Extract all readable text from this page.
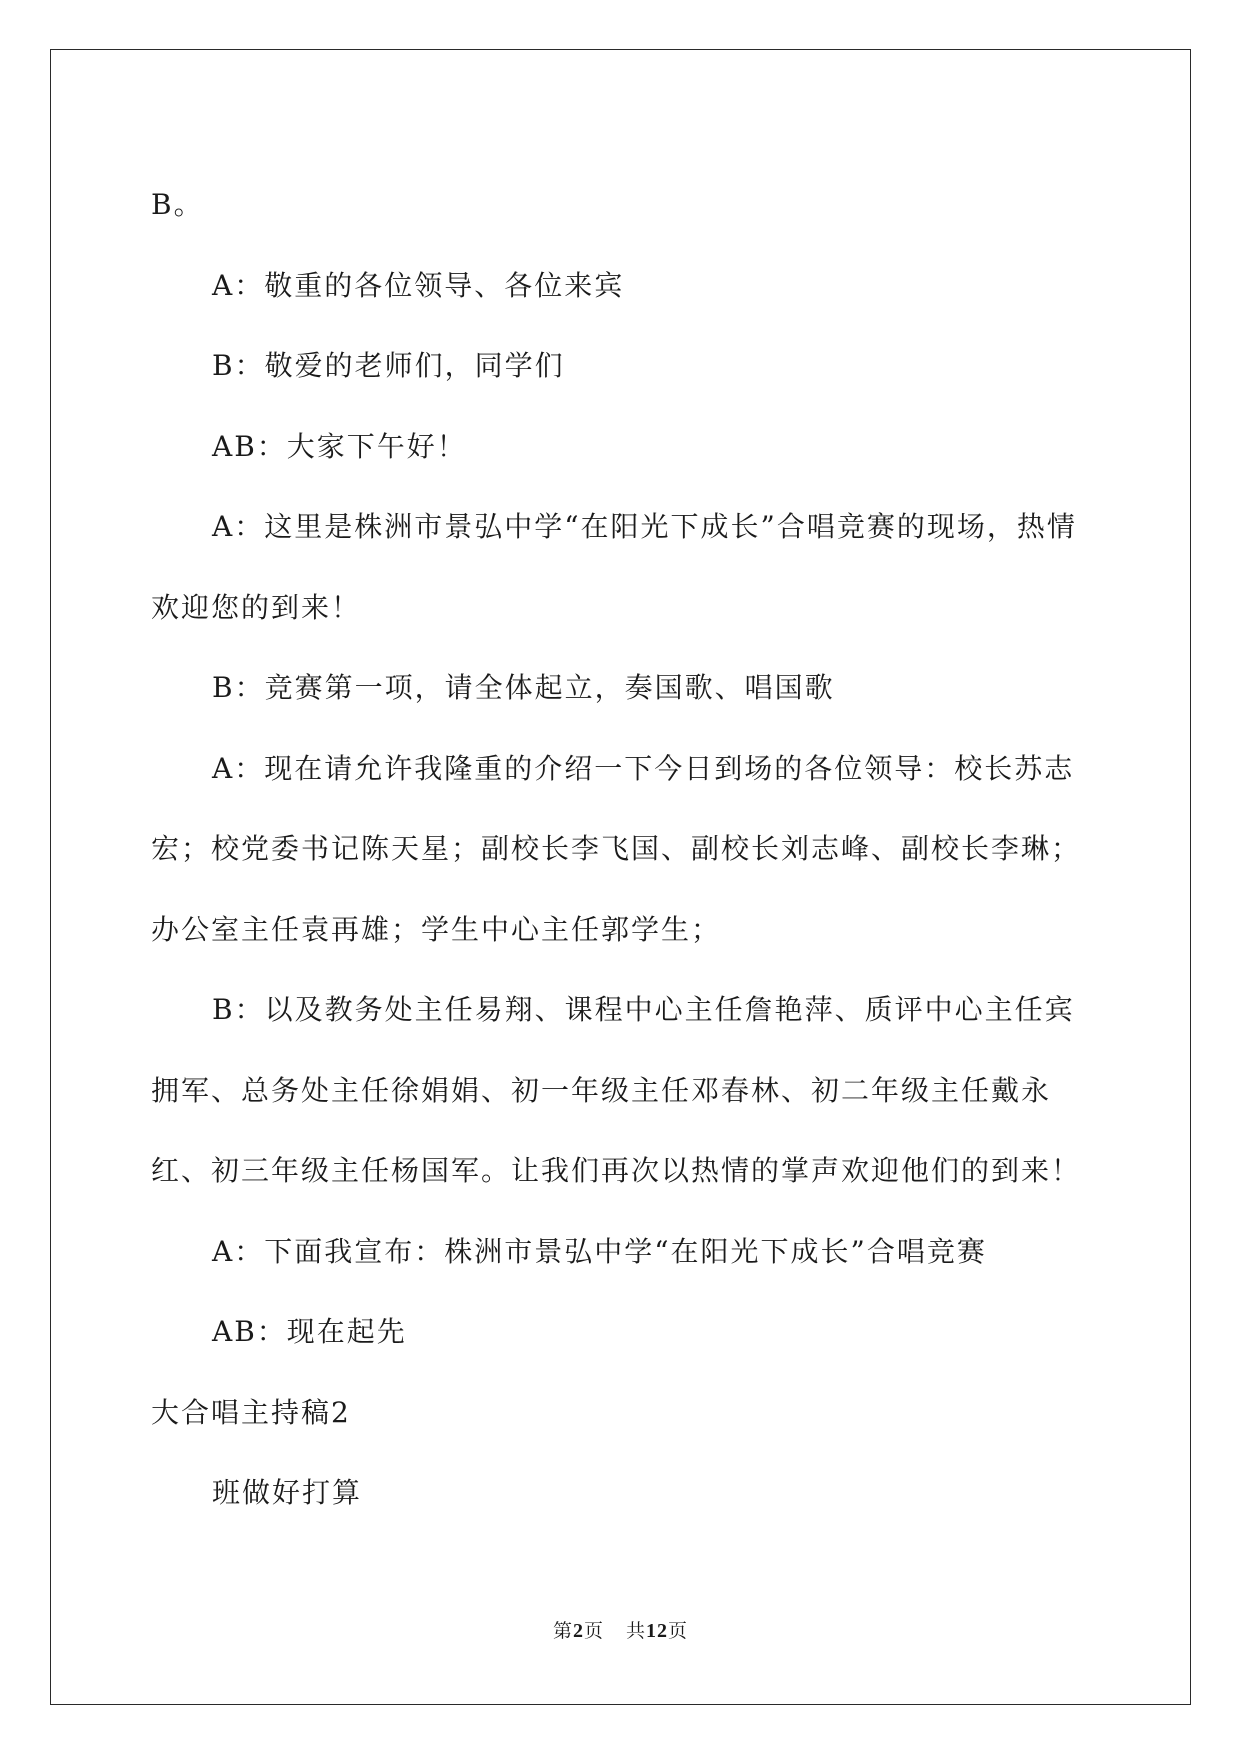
B。

A：敬重的各位领导、各位来宾

B：敬爱的老师们，同学们

AB：大家下午好！

A：这里是株洲市景弘中学“在阳光下成长”合唱竞赛的现场，热情欢迎您的到来！

B：竞赛第一项，请全体起立，奏国歌、唱国歌

A：现在请允许我隆重的介绍一下今日到场的各位领导：校长苏志宏；校党委书记陈天星；副校长李飞国、副校长刘志峰、副校长李琳；办公室主任袁再雄；学生中心主任郭学生；

B：以及教务处主任易翔、课程中心主任詹艳萍、质评中心主任宾拥军、总务处主任徐娟娟、初一年级主任邓春林、初二年级主任戴永红、初三年级主任杨国军。让我们再次以热情的掌声欢迎他们的到来！

A：下面我宣布：株洲市景弘中学“在阳光下成长”合唱竞赛

AB：现在起先

大合唱主持稿2

班做好打算

第2页 共12页
